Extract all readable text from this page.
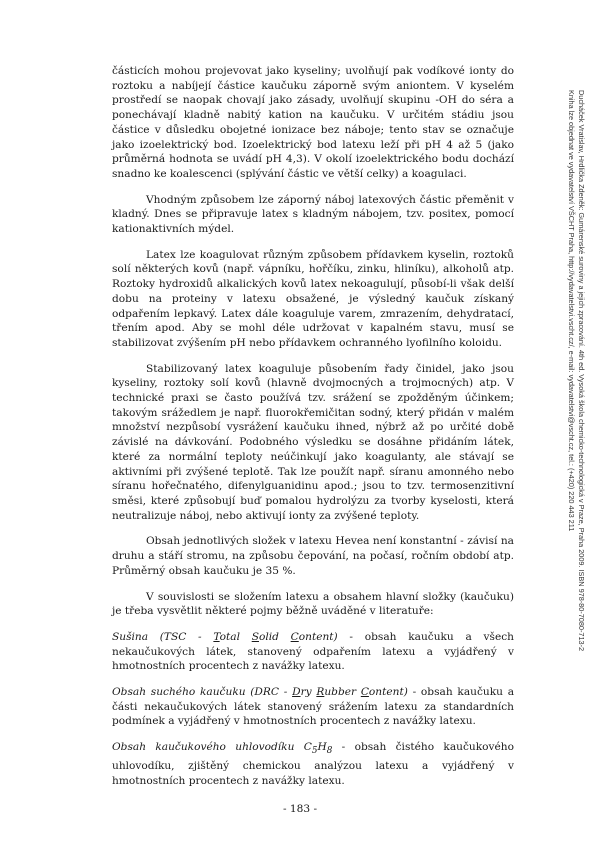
částicích mohou projevovat jako kyseliny; uvolňují pak vodíkové ionty do roztoku a nabíjejí částice kaučuku záporně svým aniontem. V kyselém prostředí se naopak chovají jako zásady, uvolňují skupinu -OH do séra a ponechávají kladně nabitý kation na kaučuku. V určitém stádiu jsou částice v důsledku obojetné ionizace bez náboje; tento stav se označuje jako izoelektrický bod. Izoelektrický bod latexu leží při pH 4 až 5 (jako průměrná hodnota se uvádí pH 4,3). V okolí izoelektrického bodu dochází snadno ke koalescenci (splývání částic ve větší celky) a koagulaci.

Vhodným způsobem lze záporný náboj latexových částic přeměnit v kladný. Dnes se připravuje latex s kladným nábojem, tzv. positex, pomocí kationaktivních mýdel.

Latex lze koagulovat různým způsobem přídavkem kyselin, roztoků solí některých kovů (např. vápníku, hořčíku, zinku, hliníku), alkoholů atp. Roztoky hydroxidů alkalických kovů latex nekoagulují, působí-li však delší dobu na proteiny v latexu obsažené, je výsledný kaučuk získaný odpařením lepkavý. Latex dále koaguluje varem, zmrazením, dehydratací, třením apod. Aby se mohl déle udržovat v kapalném stavu, musí se stabilizovat zvýšením pH nebo přídavkem ochranného lyofilního koloidu.

Stabilizovaný latex koaguluje působením řady činidel, jako jsou kyseliny, roztoky solí kovů (hlavně dvojmocných a trojmocných) atp. V technické praxi se často používá tzv. srážení se zpožděným účinkem; takovým srážedlem je např. fluorokřemičitan sodný, který přidán v malém množství nezpůsobí vysrážení kaučuku ihned, nýbrž až po určité době závislé na dávkování. Podobného výsledku se dosáhne přidáním látek, které za normální teploty neúčinkují jako koagulanty, ale stávají se aktivními při zvýšené teplotě. Tak lze použít např. síranu amonného nebo síranu hořečnatého, difenylguanidinu apod.; jsou to tzv. termosenzitivní směsi, které způsobují buď pomalou hydrolýzu za tvorby kyselosti, která neutralizuje náboj, nebo aktivují ionty za zvýšené teploty.

Obsah jednotlivých složek v latexu Hevea není konstantní - závisí na druhu a stáří stromu, na způsobu čepování, na počasí, ročním období atp. Průměrný obsah kaučuku je 35 %.

V souvislosti se složením latexu a obsahem hlavní složky (kaučuku) je třeba vysvětlit některé pojmy běžně uváděné v literatuře:

Sušina (TSC - Total Solid Content) - obsah kaučuku a všech nekaučukových látek, stanovený odpařením latexu a vyjádřený v hmotnostních procentech z navážky latexu.

Obsah suchého kaučuku (DRC - Dry Rubber Content) - obsah kaučuku a části nekaučukových látek stanovený srážením latexu za standardních podmínek a vyjádřený v hmotnostních procentech z navážky latexu.

Obsah kaučukového uhlovodíku $C_5H_8$ - obsah čistého kaučukového uhlovodíku, zjištěný chemickou analýzou latexu a vyjádřený v hmotnostních procentech z navážky latexu.

- 183 -
Ducháček Vratislav, Hrdlička Zdeněk: Gumárenské suroviny a jejich zpracování. 4th ed. Vysoká škola chemicko-technologická v Praze, Praha 2009. ISBN 978-80-7080-713-2
Kniha lze objednat ve vydavatelství VŠCHT Praha, http://vydavatelstvi.vscht.cz/, e-mail: vydavatelstvi@vscht.cz, tel.: (+420) 220 443 211
